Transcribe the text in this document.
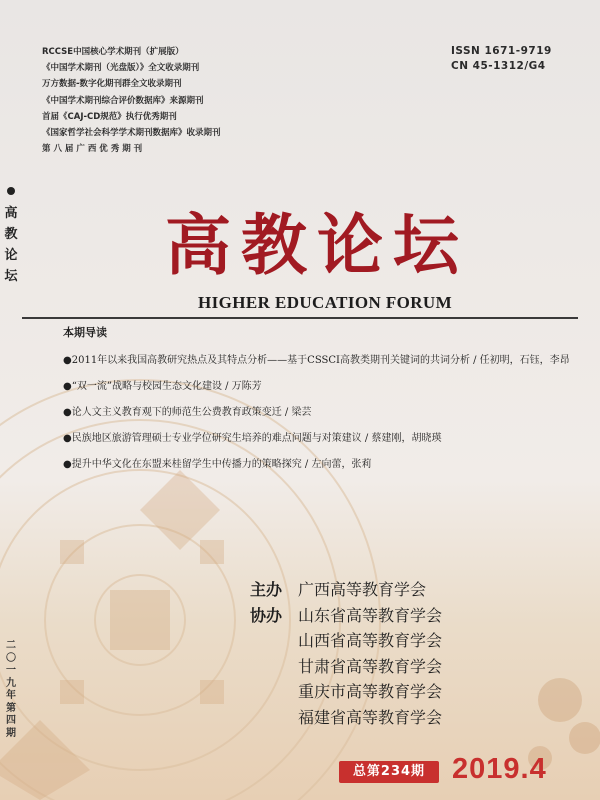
RCCSE中国核心学术期刊（扩展版）
《中国学术期刊（光盘版）》全文收录期刊
万方数据-数字化期刊群全文收录期刊
《中国学术期刊综合评价数据库》来源期刊
首届《CAJ-CD规范》执行优秀期刊
《国家哲学社会科学学术期刊数据库》收录期刊
第 八 届 广 西 优 秀 期 刊
ISSN 1671-9719
CN 45-1312/G4
高教论坛
二〇一九年第四期
高教论坛
HIGHER EDUCATION FORUM
本期导读
●2011年以来我国高教研究热点及其特点分析——基于CSSCI高教类期刊关键词的共词分析 / 任初明，石钰，李昂
●“双一流”战略与校园生态文化建设 / 万陈芳
●论人文主义教育观下的师范生公费教育政策变迁 / 梁芸
●民族地区旅游管理硕士专业学位研究生培养的难点问题与对策建议 / 蔡建刚，胡晓瑛
●提升中华文化在东盟来桂留学生中传播力的策略探究 / 左向蕾，张莉
主办 广西高等教育学会
协办 山东省高等教育学会
山西省高等教育学会
甘肃省高等教育学会
重庆市高等教育学会
福建省高等教育学会
总第234期 2019.4
